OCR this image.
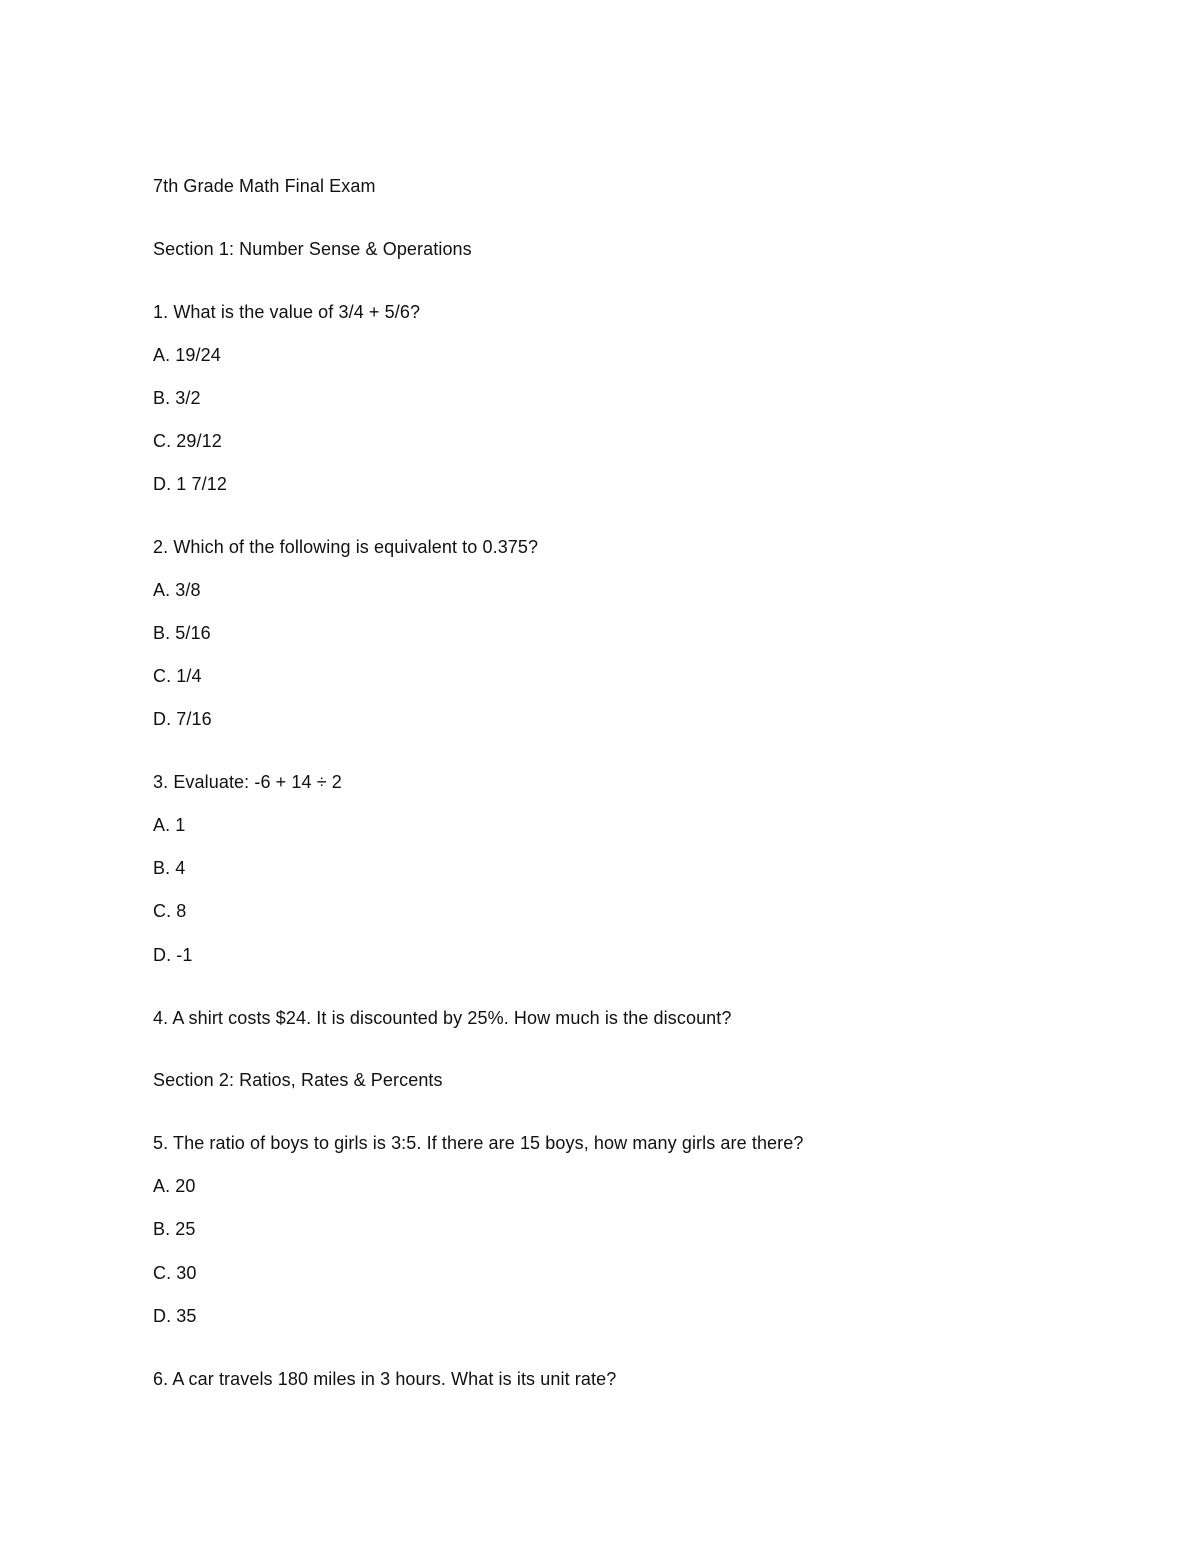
7th Grade Math Final Exam
Section 1: Number Sense & Operations
1. What is the value of 3/4 + 5/6?
A. 19/24
B. 3/2
C. 29/12
D. 1 7/12
2. Which of the following is equivalent to 0.375?
A. 3/8
B. 5/16
C. 1/4
D. 7/16
3. Evaluate: -6 + 14 ÷ 2
A. 1
B. 4
C. 8
D. -1
4. A shirt costs $24. It is discounted by 25%. How much is the discount?
Section 2: Ratios, Rates & Percents
5. The ratio of boys to girls is 3:5. If there are 15 boys, how many girls are there?
A. 20
B. 25
C. 30
D. 35
6. A car travels 180 miles in 3 hours. What is its unit rate?
